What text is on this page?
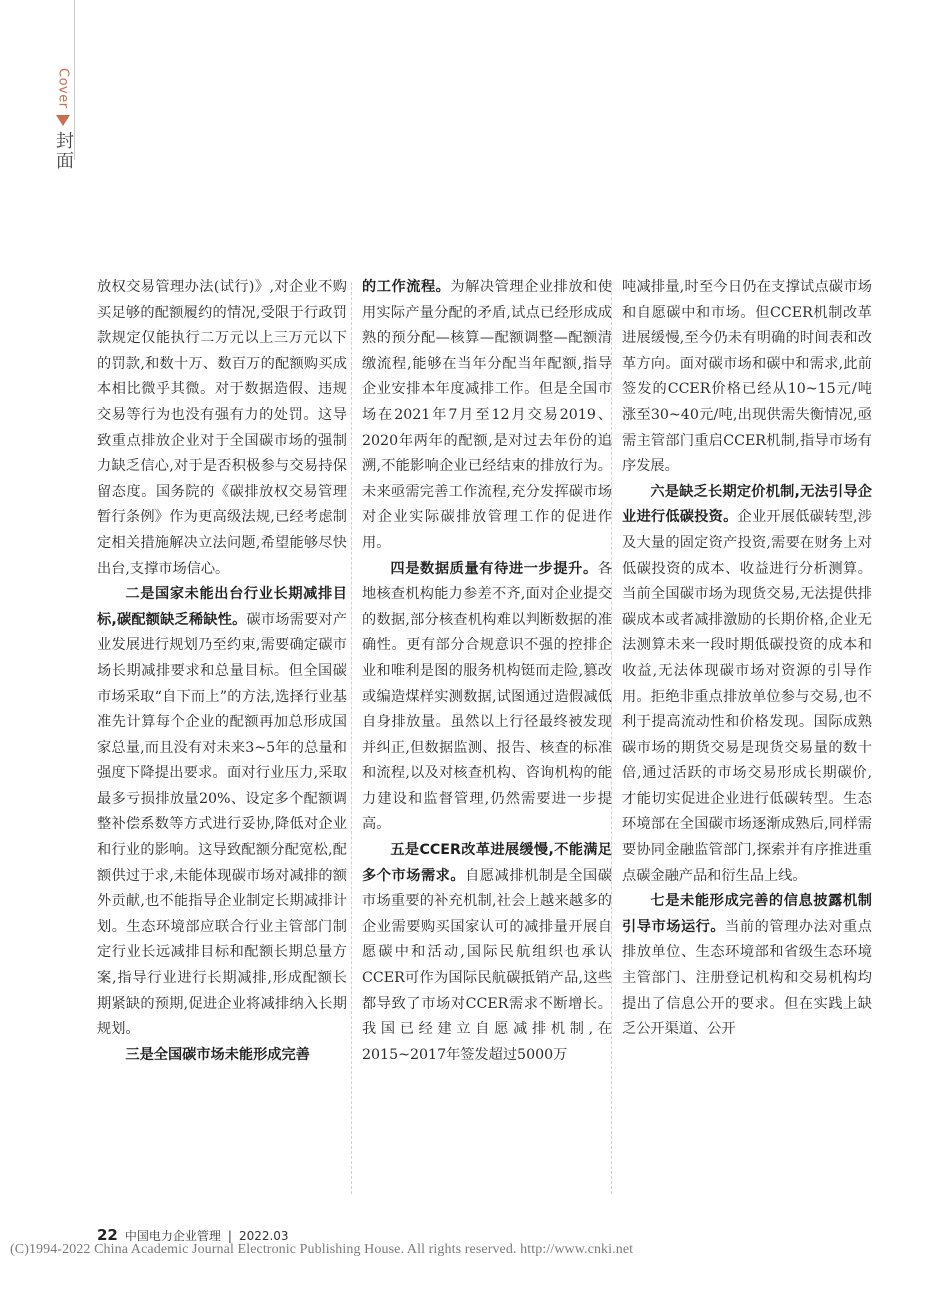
Cover
封面

放权交易管理办法(试行)》,对企业不购买足够的配额履约的情况,受限于行政罚款规定仅能执行二万元以上三万元以下的罚款,和数十万、数百万的配额购买成本相比微乎其微。对于数据造假、违规交易等行为也没有强有力的处罚。这导致重点排放企业对于全国碳市场的强制力缺乏信心,对于是否积极参与交易持保留态度。国务院的《碳排放权交易管理暂行条例》作为更高级法规,已经考虑制定相关措施解决立法问题,希望能够尽快出台,支撑市场信心。

二是国家未能出台行业长期减排目标,碳配额缺乏稀缺性。碳市场需要对产业发展进行规划乃至约束,需要确定碳市场长期减排要求和总量目标。但全国碳市场采取“自下而上”的方法,选择行业基准先计算每个企业的配额再加总形成国家总量,而且没有对未来3~5年的总量和强度下降提出要求。面对行业压力,采取最多亏损排放量20%、设定多个配额调整补偿系数等方式进行妥协,降低对企业和行业的影响。这导致配额分配宽松,配额供过于求,未能体现碳市场对减排的额外贡献,也不能指导企业制定长期减排计划。生态环境部应联合行业主管部门制定行业长远减排目标和配额长期总量方案,指导行业进行长期减排,形成配额长期紧缺的预期,促进企业将减排纳入长期规划。

三是全国碳市场未能形成完善

的工作流程。为解决管理企业排放和使用实际产量分配的矛盾,试点已经形成成熟的预分配—核算—配额调整—配额清缴流程,能够在当年分配当年配额,指导企业安排本年度减排工作。但是全国市场在2021年7月至12月交易2019、2020年两年的配额,是对过去年份的追溯,不能影响企业已经结束的排放行为。未来亟需完善工作流程,充分发挥碳市场对企业实际碳排放管理工作的促进作用。

四是数据质量有待进一步提升。各地核查机构能力参差不齐,面对企业提交的数据,部分核查机构难以判断数据的准确性。更有部分合规意识不强的控排企业和唯利是图的服务机构铤而走险,篡改或编造煤样实测数据,试图通过造假减低自身排放量。虽然以上行径最终被发现并纠正,但数据监测、报告、核查的标准和流程,以及对核查机构、咨询机构的能力建设和监督管理,仍然需要进一步提高。

五是CCER改革进展缓慢,不能满足多个市场需求。自愿减排机制是全国碳市场重要的补充机制,社会上越来越多的企业需要购买国家认可的减排量开展自愿碳中和活动,国际民航组织也承认CCER可作为国际民航碳抵销产品,这些都导致了市场对CCER需求不断增长。我国已经建立自愿减排机制,在2015~2017年签发超过5000万

吨减排量,时至今日仍在支撑试点碳市场和自愿碳中和市场。但CCER机制改革进展缓慢,至今仍未有明确的时间表和改革方向。面对碳市场和碳中和需求,此前签发的CCER价格已经从10~15元/吨涨至30~40元/吨,出现供需失衡情况,亟需主管部门重启CCER机制,指导市场有序发展。

六是缺乏长期定价机制,无法引导企业进行低碳投资。企业开展低碳转型,涉及大量的固定资产投资,需要在财务上对低碳投资的成本、收益进行分析测算。当前全国碳市场为现货交易,无法提供排碳成本或者减排激励的长期价格,企业无法测算未来一段时期低碳投资的成本和收益,无法体现碳市场对资源的引导作用。拒绝非重点排放单位参与交易,也不利于提高流动性和价格发现。国际成熟碳市场的期货交易是现货交易量的数十倍,通过活跃的市场交易形成长期碳价,才能切实促进企业进行低碳转型。生态环境部在全国碳市场逐渐成熟后,同样需要协同金融监管部门,探索并有序推进重点碳金融产品和衍生品上线。

七是未能形成完善的信息披露机制引导市场运行。当前的管理办法对重点排放单位、生态环境部和省级生态环境主管部门、注册登记机构和交易机构均提出了信息公开的要求。但在实践上缺乏公开渠道、公开

22 中国电力企业管理 | 2022.03
(C)1994-2022 China Academic Journal Electronic Publishing House. All rights reserved. http://www.cnki.net
